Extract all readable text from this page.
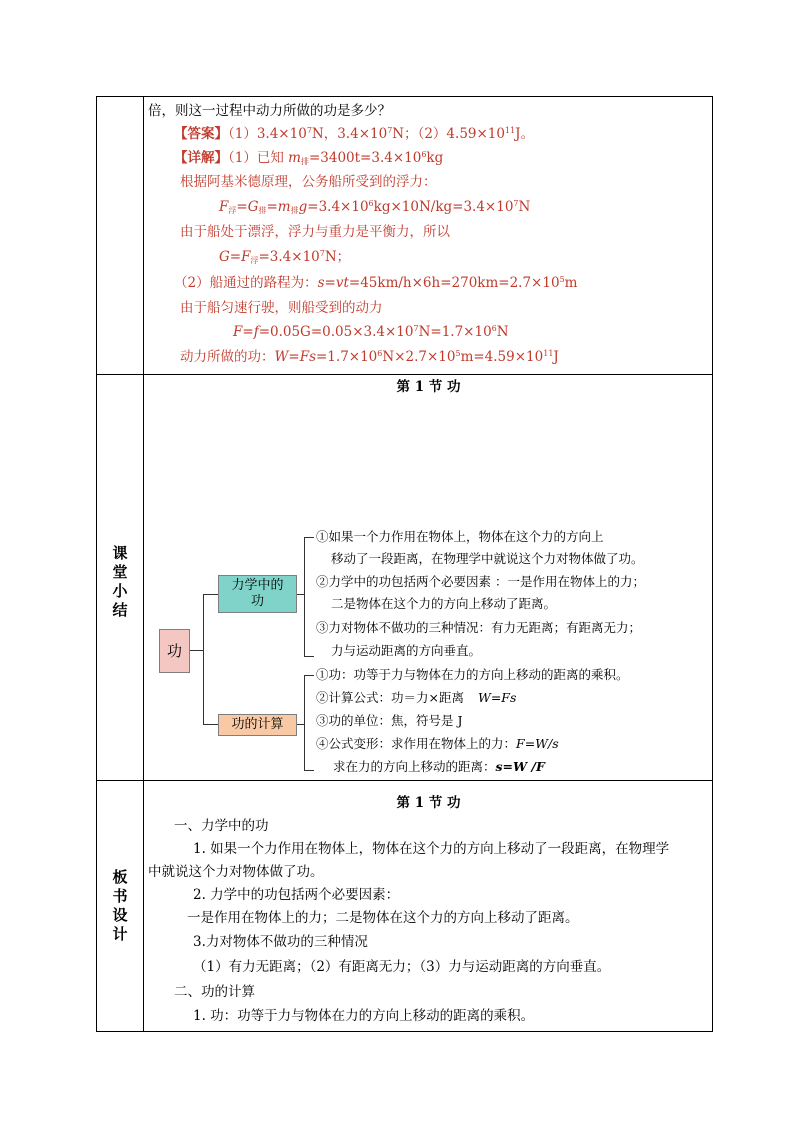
倍，则这一过程中动力所做的功是多少？
【答案】$(1)3.4\times 10^7N$，$3.4\times 10^7N$；$(2)4.59\times 10^{11}J$。
【详解】（1）已知 $m_排=3400t=3.4\times 10^6kg$
根据阿基米德原理，公务船所受到的浮力：
$F_浮=G_排=m_排g=3.4\times 10^6kg\times 10N/kg=3.4\times 10^7N$
由于船处于漂浮，浮力与重力是平衡力，所以
$G=F_浮=3.4\times 10^7N$；
（2）船通过的路程为：$s=vt=45km/h\times 6h=270km=2.7\times 10^5m$
由于船匀速行驶，则船受到的动力
$F=f=0.05G=0.05\times 3.4\times 10^7N=1.7\times 10^6N$
动力所做的功：$W=Fs=1.7\times 10^6N\times 2.7\times 10^5m=4.59\times 10^{11}J$
课
堂
小
结
第 1 节 功
功
力学中的功
功的计算
①如果一个力作用在物体上，物体在这个力的方向上
移动了一段距离，在物理学中就说这个力对物体做了功。
②力学中的功包括两个必要因素 ：一是作用在物体上的力；
二是物体在这个力的方向上移动了距离。
③力对物体不做功的三种情况：有力无距离；有距离无力；
力与运动距离的方向垂直。
①功：功等于力与物体在力的方向上移动的距离的乘积。
②计算公式：功＝力×距离 W=Fs
③功的单位：焦，符号是 J
④公式变形：求作用在物体上的力：F=W/s
求在力的方向上移动的距离：s=W /F
板
书
设
计
第 1 节 功
一、力学中的功
1. 如果一个力作用在物体上，物体在这个力的方向上移动了一段距离，在物理学
中就说这个力对物体做了功。
2. 力学中的功包括两个必要因素：
一是作用在物体上的力；二是物体在这个力的方向上移动了距离。
3.力对物体不做功的三种情况
（1）有力无距离；（2）有距离无力；（3）力与运动距离的方向垂直。
二、功的计算
1. 功：功等于力与物体在力的方向上移动的距离的乘积。
